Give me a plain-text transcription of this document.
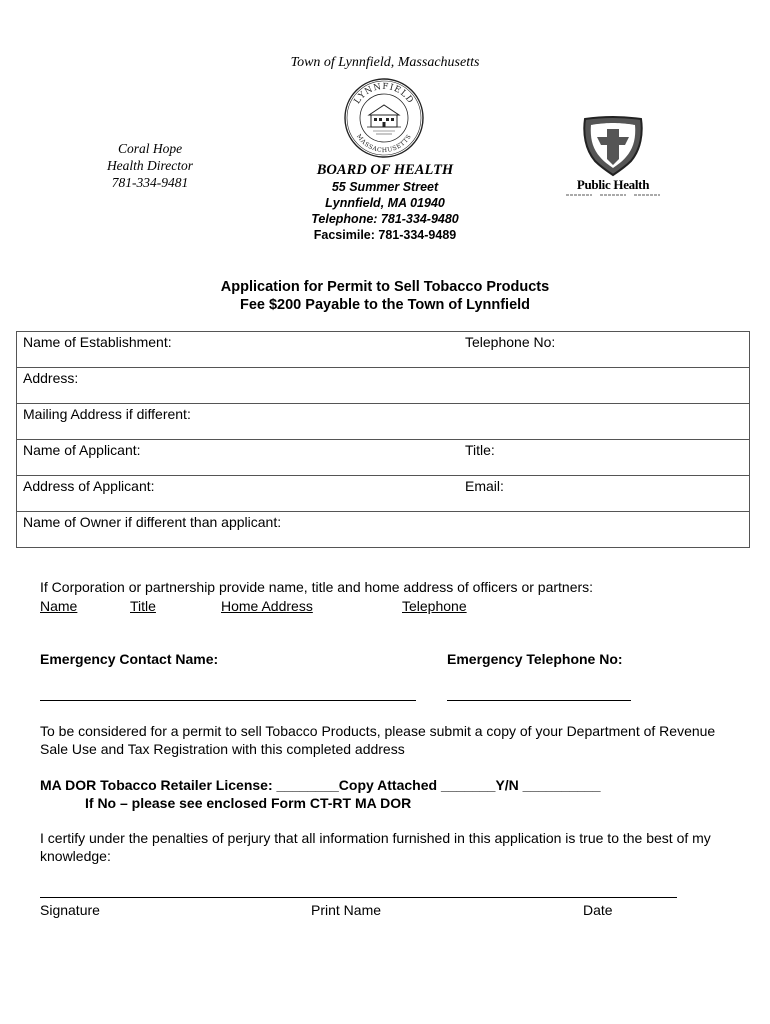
Town of Lynnfield, Massachusetts
LYNNFIELD
MASSACHUSETTS
Coral Hope
Health Director
781-334-9481
BOARD OF HEALTH
55 Summer Street
Lynnfield, MA 01940
Telephone: 781-334-9480
Facsimile: 781-334-9489
Public Health
Application for Permit to Sell Tobacco Products
Fee $200 Payable to the Town of Lynnfield
Name of Establishment:	Telephone No:

Address:
Mailing Address if different:
Name of Applicant:	Title:

Address of Applicant:	Email:

Name of Owner if different than applicant:
If Corporation or partnership provide name, title and home address of officers or partners:
Name	Title	Home Address	Telephone
Emergency Contact Name:	Emergency Telephone No:
To be considered for a permit to sell Tobacco Products, please submit a copy of your Department of Revenue Sale Use and Tax Registration with this completed address
MA DOR Tobacco Retailer License: ________Copy Attached _______Y/N __________
If No – please see enclosed Form CT-RT MA DOR
I certify under the penalties of perjury that all information furnished in this application is true to the best of my knowledge:
Signature	Print Name	Date
